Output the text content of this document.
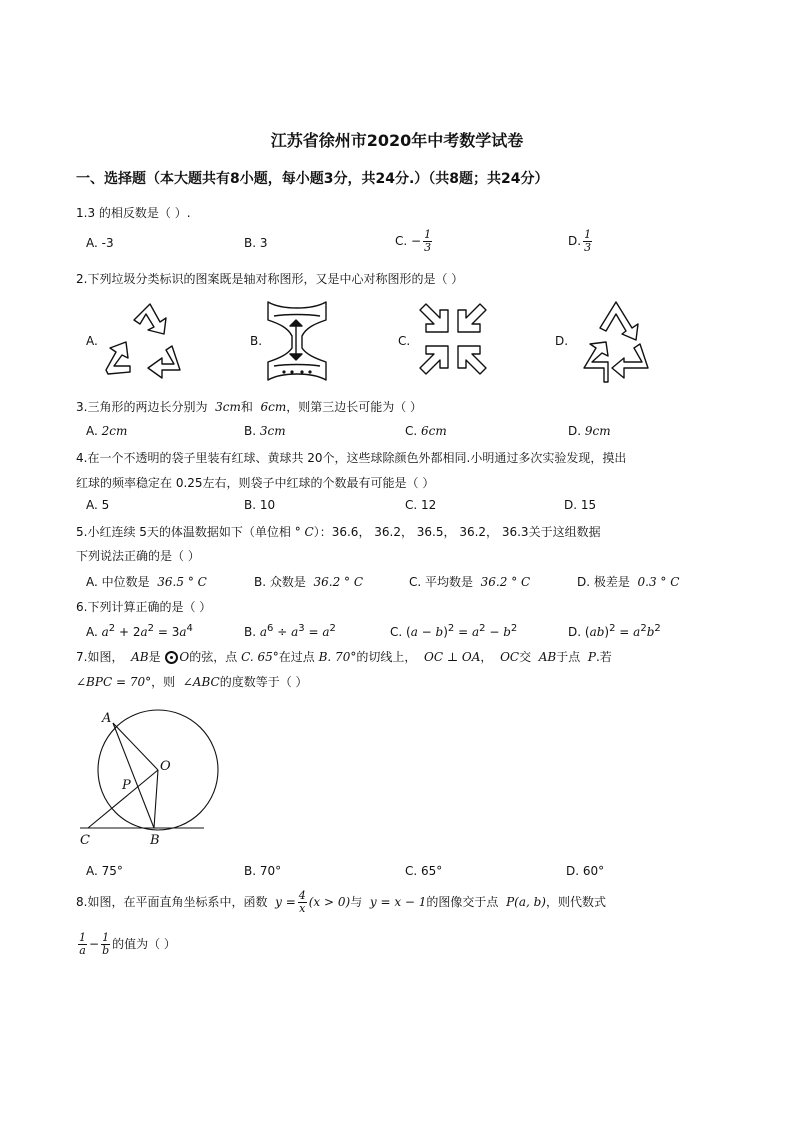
江苏省徐州市2020年中考数学试卷
一、选择题（本大题共有8小题，每小题3分，共24分.）（共8题；共24分）
1.3 的相反数是（ ）.
A. -3	B. 3	C. − $\frac{1}{3}$	D. $\frac{1}{3}$
2.下列垃圾分类标识的图案既是轴对称图形，又是中心对称图形的是（ ）
A.	B.	C.	D.
3.三角形的两边长分别为 3cm和 6cm，则第三边长可能为（ ）
A. 2cm	B. 3cm	C. 6cm	D. 9cm
4.在一个不透明的袋子里装有红球、黄球共 20个，这些球除颜色外都相同.小明通过多次实验发现，摸出
红球的频率稳定在 0.25左右，则袋子中红球的个数最有可能是（ ）
A. 5	B. 10	C. 12	D. 15
5.小红连续 5天的体温数据如下（单位相 ° C）：36.6， 36.2， 36.5， 36.2， 36.3关于这组数据
下列说法正确的是（ ）
A. 中位数是 36.5 ° C	B. 众数是 36.2 ° C	C. 平均数是 36.2 ° C	D. 极差是 0.3 ° C
6.下列计算正确的是（ ）
A. $a^2 + 2a^2 = 3a^4$	B. $a^6 \div a^3 = a^2$	C. $(a - b)^2 = a^2 - b^2$	D. $(ab)^2 = a^2b^2$
7.如图， AB是 O的弦，点 C. 65°在过点 B. 70°的切线上， OC ⊥ OA， OC交 AB于点 P.若
∠BPC = 70°，则 ∠ABC的度数等于（ ）
A
O
P
C	B
A. 75°	B. 70°	C. 65°	D. 60°
8.如图，在平面直角坐标系中，函数 $y = \frac{4}{x} (x > 0)$与 y = x − 1的图像交于点 P(a, b)，则代数式
$\frac{1}{a} - \frac{1}{b}$ 的值为（ ）
